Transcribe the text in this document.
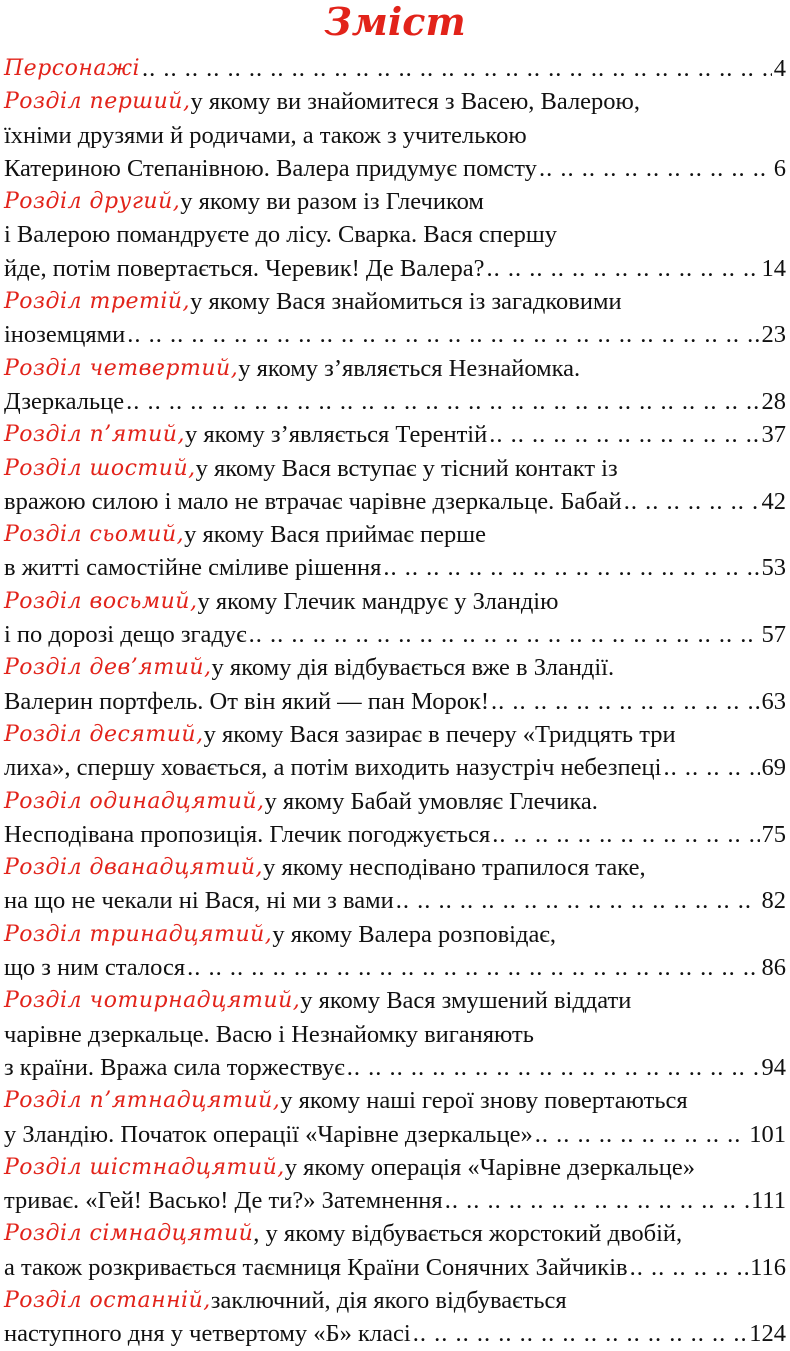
Зміст
Персонажі .. ..	4
Розділ перший, у якому ви знайомитеся з Васею, Валерою,
їхніми друзями й родичами, а також з учителькою
Катериною Степанівною. Валера придумує помсту .. ..	6
Розділ другий, у якому ви разом із Глечиком
і Валерою помандруєте до лісу. Сварка. Вася спершу
йде, потім повертається. Черевик! Де Валера? .. ..	14
Розділ третій, у якому Вася знайомиться із загадковими
іноземцями .. ..	23
Розділ четвертий, у якому з’являється Незнайомка.
Дзеркальце .. ..	28
Розділ п’ятий, у якому з’являється Терентій .. ..	37
Розділ шостий, у якому Вася вступає у тісний контакт із
вражою силою і мало не втрачає чарівне дзеркальце. Бабай .. ..	42
Розділ сьомий, у якому Вася приймає перше
в житті самостійне сміливе рішення .. ..	53
Розділ восьмий, у якому Глечик мандрує у Зландію
і по дорозі дещо згадує .. ..	57
Розділ дев’ятий, у якому дія відбувається вже в Зландії.
Валерин портфель. От він який — пан Морок! .. ..	63
Розділ десятий, у якому Вася зазирає в печеру «Тридцять три
лиха», спершу ховається, а потім виходить назустріч небезпеці .. ..	69
Розділ одинадцятий, у якому Бабай умовляє Глечика.
Несподівана пропозиція. Глечик погоджується .. ..	75
Розділ дванадцятий, у якому несподівано трапилося таке,
на що не чекали ні Вася, ні ми з вами .. ..	82
Розділ тринадцятий, у якому Валера розповідає,
що з ним сталося .. ..	86
Розділ чотирнадцятий, у якому Вася змушений віддати
чарівне дзеркальце. Васю і Незнайомку виганяють
з країни. Вража сила торжествує .. ..	94
Розділ п’ятнадцятий, у якому наші герої знову повертаються
у Зландію. Початок операції «Чарівне дзеркальце» .. ..	101
Розділ шістнадцятий, у якому операція «Чарівне дзеркальце»
триває. «Гей! Васько! Де ти?» Затемнення .. ..	111
Розділ сімнадцятий , у якому відбувається жорстокий двобій,
а також розкривається таємниця Країни Сонячних Зайчиків .. ..	116
Розділ останній, заключний, дія якого відбувається
наступного дня у четвертому «Б» класі .. ..	124
